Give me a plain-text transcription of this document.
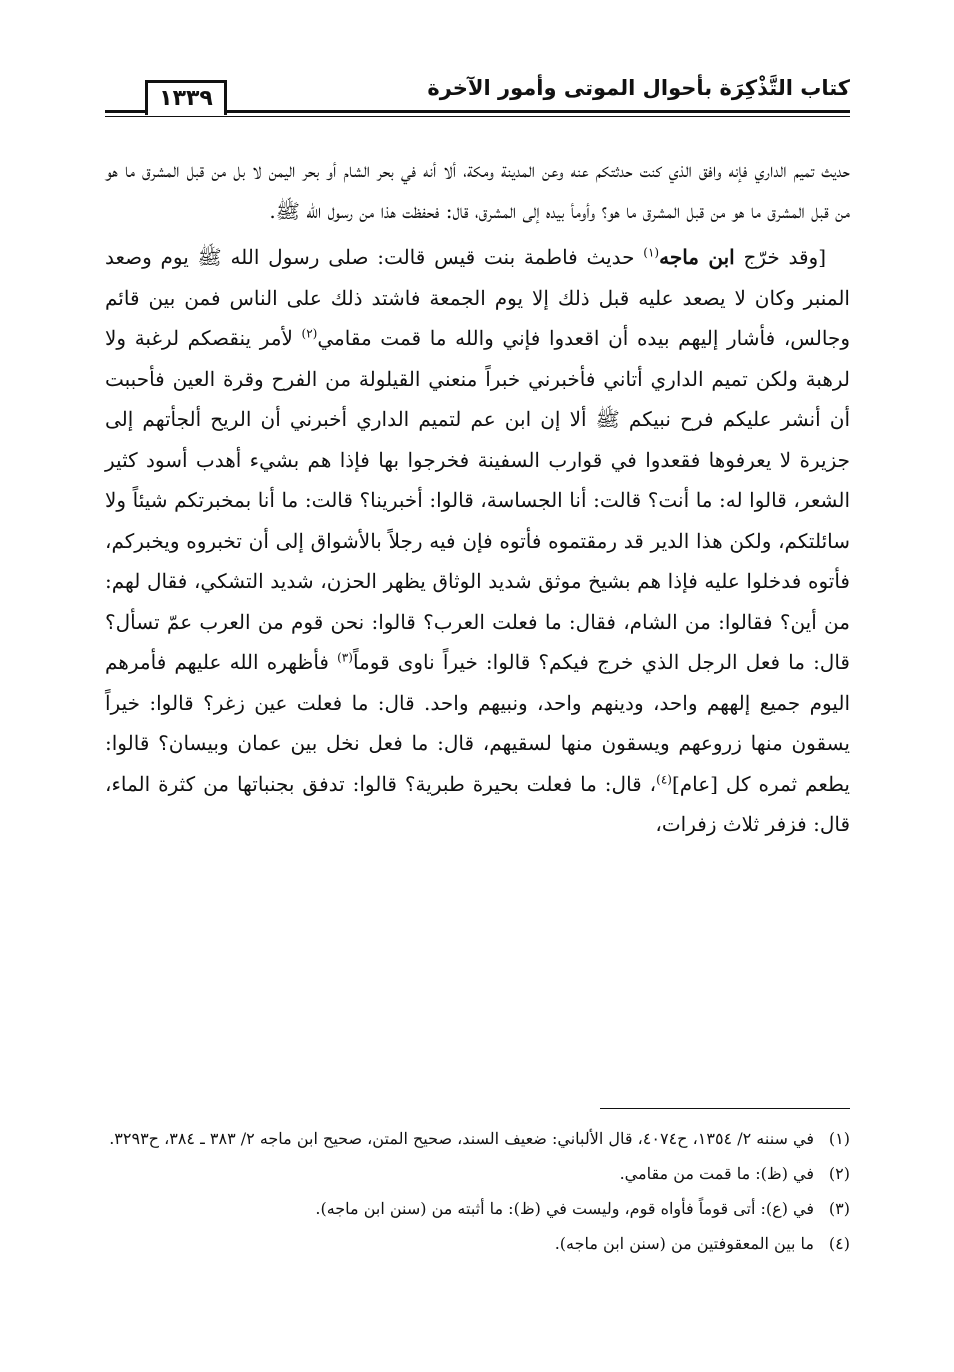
كتاب التَّذْكِرَة بأحوال الموتى وأمور الآخرة
١٣٣٩

حديث تميم الداري فإنه وافق الذي كنت حدثتكم عنه وعن المدينة ومكة، ألا أنه في بحر الشام أو بحر اليمن لا بل من قبل المشرق ما هو من قبل المشرق ما هو من قبل المشرق ما هو؟ وأومأ بيده إلى المشرق، قال: فحفظت هذا من رسول الله ﷺ.

[وقد خرّج ابن ماجه$^{(١)}$ حديث فاطمة بنت قيس قالت: صلى رسول الله ﷺ يوم وصعد المنبر وكان لا يصعد عليه قبل ذلك إلا يوم الجمعة فاشتد ذلك على الناس فمن بين قائم وجالس، فأشار إليهم بيده أن اقعدوا فإني والله ما قمت مقامي$^{(٢)}$ لأمر ينقصكم لرغبة ولا لرهبة ولكن تميم الداري أتاني فأخبرني خبراً منعني القيلولة من الفرح وقرة العين فأحببت أن أنشر عليكم فرح نبيكم ﷺ ألا إن ابن عم لتميم الداري أخبرني أن الريح ألجأتهم إلى جزيرة لا يعرفوها فقعدوا في قوارب السفينة فخرجوا بها فإذا هم بشيء أهدب أسود كثير الشعر، قالوا له: ما أنت؟ قالت: أنا الجساسة، قالوا: أخبرينا؟ قالت: ما أنا بمخبرتكم شيئاً ولا سائلتكم، ولكن هذا الدير قد رمقتموه فأتوه فإن فيه رجلاً بالأشواق إلى أن تخبروه ويخبركم، فأتوه فدخلوا عليه فإذا هم بشيخ موثق شديد الوثاق يظهر الحزن، شديد التشكي، فقال لهم: من أين؟ فقالوا: من الشام، فقال: ما فعلت العرب؟ قالوا: نحن قوم من العرب عمّ تسأل؟ قال: ما فعل الرجل الذي خرج فيكم؟ قالوا: خيراً ناوى قوماً$^{(٣)}$ فأظهره الله عليهم فأمرهم اليوم جميع إلههم واحد، ودينهم واحد، ونبيهم واحد. قال: ما فعلت عين زغر؟ قالوا: خيراً يسقون منها زروعهم ويسقون منها لسقيهم، قال: ما فعل نخل بين عمان وبيسان؟ قالوا: يطعم ثمره كل [عام]$^{(٤)}$، قال: ما فعلت بحيرة طبرية؟ قالوا: تدفق بجنباتها من كثرة الماء، قال: فزفر ثلاث زفرات،

(١)
في سننه ٢/ ١٣٥٤، ح٤٠٧٤، قال الألباني: ضعيف السند، صحيح المتن، صحيح ابن ماجه ٢/ ٣٨٣ ـ ٣٨٤، ح٣٢٩٣.
(٢)
في (ظ): ما قمت من مقامي.
(٣)
في (ع): أتى قوماً فأواه قوم، وليست في (ظ): ما أثبته من (سنن ابن ماجه).
(٤)
ما بين المعقوفتين من (سنن ابن ماجه).
